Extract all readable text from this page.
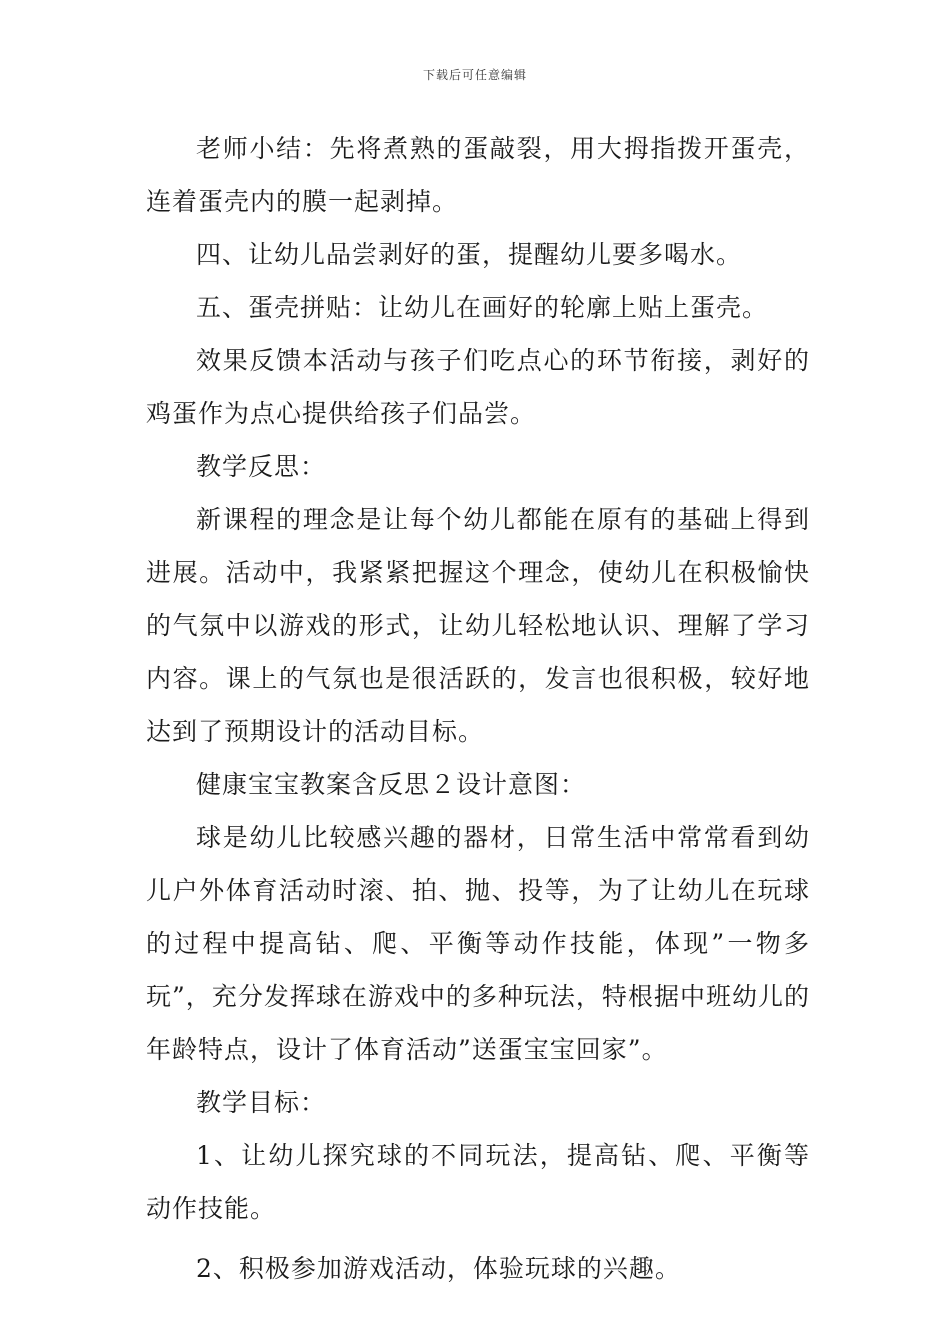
下载后可任意编辑

老师小结：先将煮熟的蛋敲裂，用大拇指拨开蛋壳，连着蛋壳内的膜一起剥掉。

四、让幼儿品尝剥好的蛋，提醒幼儿要多喝水。

五、蛋壳拼贴：让幼儿在画好的轮廓上贴上蛋壳。

效果反馈本活动与孩子们吃点心的环节衔接，剥好的鸡蛋作为点心提供给孩子们品尝。

教学反思：

新课程的理念是让每个幼儿都能在原有的基础上得到进展。活动中，我紧紧把握这个理念，使幼儿在积极愉快的气氛中以游戏的形式，让幼儿轻松地认识、理解了学习内容。课上的气氛也是很活跃的，发言也很积极，较好地达到了预期设计的活动目标。

健康宝宝教案含反思２设计意图：

球是幼儿比较感兴趣的器材，日常生活中常常看到幼儿户外体育活动时滚、拍、抛、投等，为了让幼儿在玩球的过程中提高钻、爬、平衡等动作技能，体现”一物多玩”，充分发挥球在游戏中的多种玩法，特根据中班幼儿的年龄特点，设计了体育活动”送蛋宝宝回家”。

教学目标：

1、让幼儿探究球的不同玩法，提高钻、爬、平衡等动作技能。

2、积极参加游戏活动，体验玩球的兴趣。
